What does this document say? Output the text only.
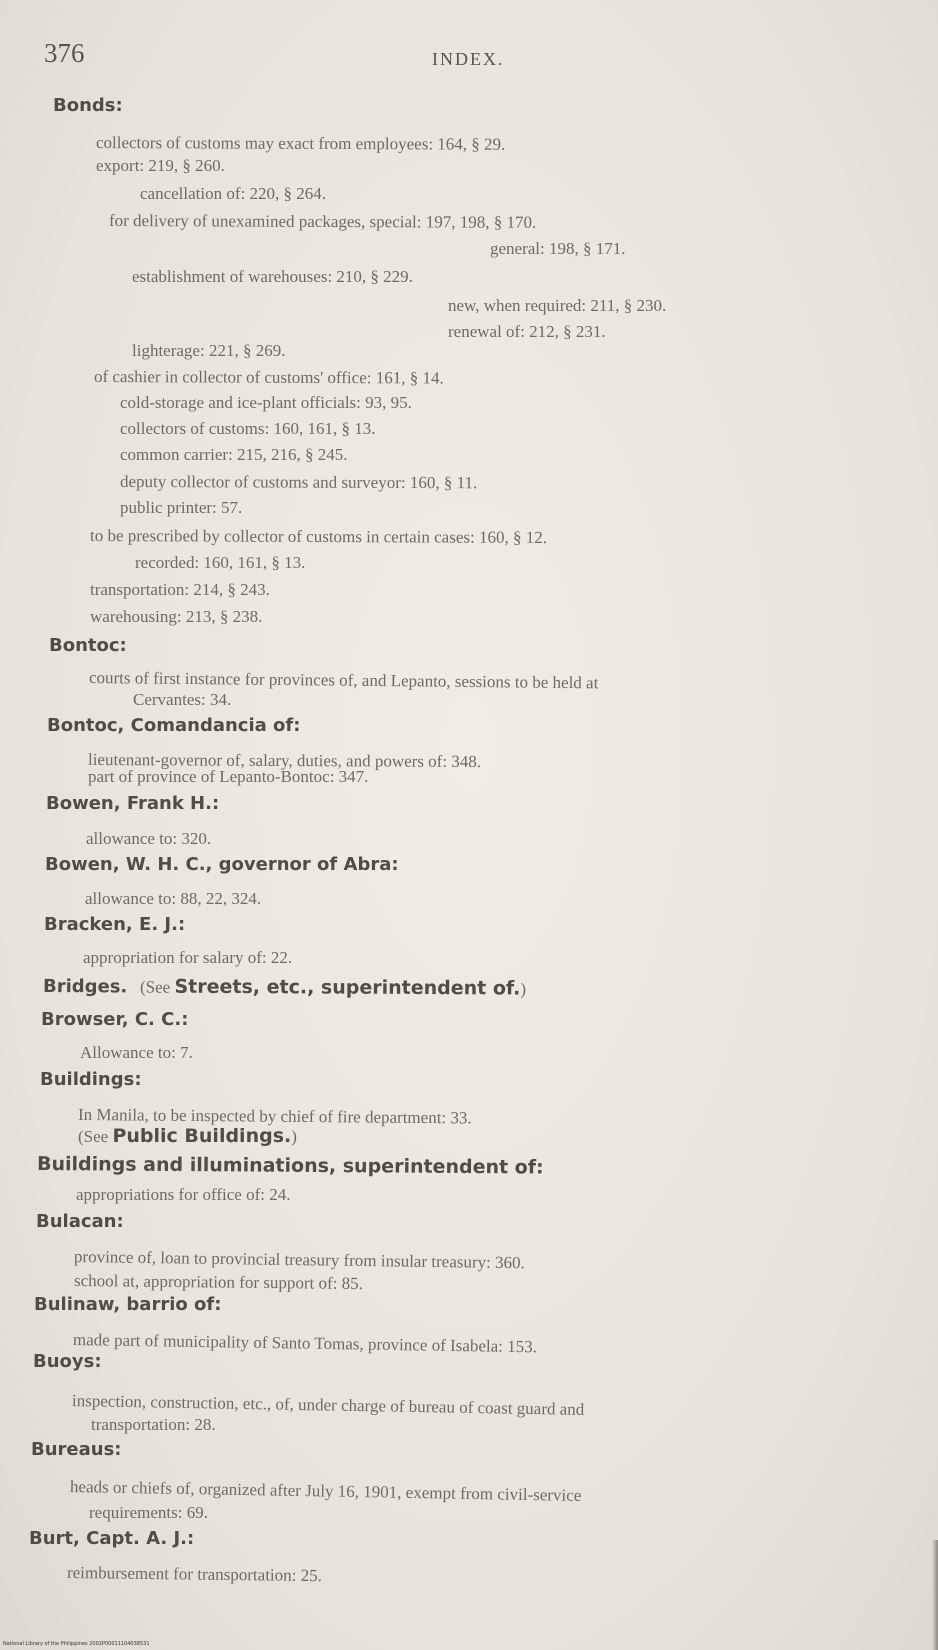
376	INDEX.
Bonds:
collectors of customs may exact from employees: 164, § 29.
export: 219, § 260.
cancellation of: 220, § 264.
for delivery of unexamined packages, special: 197, 198, § 170.
general: 198, § 171.
establishment of warehouses: 210, § 229.
new, when required: 211, § 230.
renewal of: 212, § 231.
lighterage: 221, § 269.
of cashier in collector of customs' office: 161, § 14.
cold-storage and ice-plant officials: 93, 95.
collectors of customs: 160, 161, § 13.
common carrier: 215, 216, § 245.
deputy collector of customs and surveyor: 160, § 11.
public printer: 57.
to be prescribed by collector of customs in certain cases: 160, § 12.
recorded: 160, 161, § 13.
transportation: 214, § 243.
warehousing: 213, § 238.
Bontoc:
courts of first instance for provinces of, and Lepanto, sessions to be held at
Cervantes: 34.
Bontoc, Comandancia of:
lieutenant-governor of, salary, duties, and powers of: 348.
part of province of Lepanto-Bontoc: 347.
Bowen, Frank H.:
allowance to: 320.
Bowen, W. H. C., governor of Abra:
allowance to: 88, 22, 324.
Bracken, E. J.:
appropriation for salary of: 22.
Bridges. (See Streets, etc., superintendent of.)
Browser, C. C.:
Allowance to: 7.
Buildings:
In Manila, to be inspected by chief of fire department: 33.
(See Public Buildings.)
Buildings and illuminations, superintendent of:
appropriations for office of: 24.
Bulacan:
province of, loan to provincial treasury from insular treasury: 360.
school at, appropriation for support of: 85.
Bulinaw, barrio of:
made part of municipality of Santo Tomas, province of Isabela: 153.
Buoys:
inspection, construction, etc., of, under charge of bureau of coast guard and
transportation: 28.
Bureaus:
heads or chiefs of, organized after July 16, 1901, exempt from civil-service
requirements: 69.
Burt, Capt. A. J.:
reimbursement for transportation: 25.
National Library of the Philippines 2002P00011104038531
